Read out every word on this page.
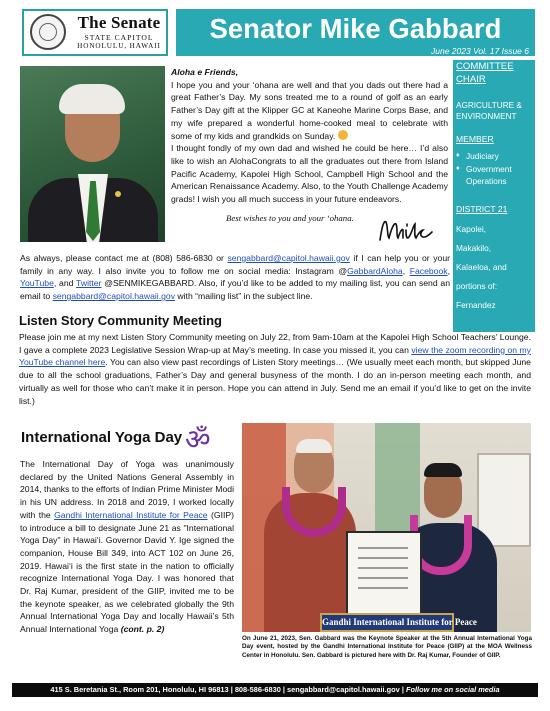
The Senate
STATE CAPITOL
HONOLULU, HAWAII
Senator Mike Gabbard
June 2023 Vol. 17 Issue 6

Aloha e Friends,

I hope you and your ‘ohana are well and that you dads out there had a great Father’s Day. My sons treated me to a round of golf as an early Father’s Day gift at the Klipper GC at Kaneohe Marine Corps Base, and my wife prepared a wonderful home-cooked meal to celebrate with some of my kids and grandkids on Sunday.

I thought fondly of my own dad and wished he could be here… I’d also like to wish an AlohaCongrats to all the graduates out there from Island Pacific Academy, Kapolei High School, Campbell High School and the American Renaissance Academy. Also, to the Youth Challenge Academy grads! I wish you all much success in your future endeavors.

Best wishes to you and your ‘ohana.
As always, please contact me at (808) 586-6830 or sengabbard@capitol.hawaii.gov if I can help you or your family in any way. I also invite you to follow me on social media: Instagram @GabbardAloha, Facebook, YouTube, and Twitter @SENMIKEGABBARD. Also, if you’d like to be added to my mailing list, you can send an email to sengabbard@capitol.hawaii.gov with “mailing list” in the subject line.
COMMITTEE CHAIR
AGRICULTURE & ENVIRONMENT
MEMBER
♦ Judiciary
♦ Government Operations
DISTRICT 21
Kapolei,
Makakilo,
Kalaeloa, and
portions of:
Fernandez
Listen Story Community Meeting
Please join me at my next Listen Story Community meeting on July 22, from 9am-10am at the Kapolei High School Teachers’ Lounge. I gave a complete 2023 Legislative Session Wrap-up at May’s meeting. In case you missed it, you can view the zoom recording on my YouTube channel here. You can also view past recordings of Listen Story meetings… (We usually meet each month, but skipped June due to all the school graduations, Father’s Day and general busyness of the month. I do an in-person meeting each month, and virtually as well for those who can’t make it in person. Hope you can attend in July. Send me an email if you’d like to get on the invite list.)
International Yoga Day ॐ
The International Day of Yoga was unanimously declared by the United Nations General Assembly in 2014, thanks to the efforts of Indian Prime Minister Modi in his UN address. In 2018 and 2019, I worked locally with the Gandhi International Institute for Peace (GIIP) to introduce a bill to designate June 21 as "International Yoga Day" in Hawai‘i. Governor David Y. Ige signed the companion, House Bill 349, into ACT 102 on June 26, 2019. Hawai‘i is the first state in the nation to officially recognize International Yoga Day. I was honored that Dr. Raj Kumar, president of the GIIP, invited me to be the keynote speaker, as we celebrated globally the 9th Annual International Yoga Day and locally Hawaii’s 5th Annual International Yoga (cont. p. 2)
Gandhi International Institute for Peace
On June 21, 2023, Sen. Gabbard was the Keynote Speaker at the 5th Annual International Yoga Day event, hosted by the Gandhi International Institute for Peace (GIIP) at the MOA Wellness Center in Honolulu. Sen. Gabbard is pictured here with Dr. Raj Kumar, Founder of GIIP.
415 S. Beretania St., Room 201, Honolulu, HI 96813 | 808-586-6830 | sengabbard@capitol.hawaii.gov | Follow me on social media
